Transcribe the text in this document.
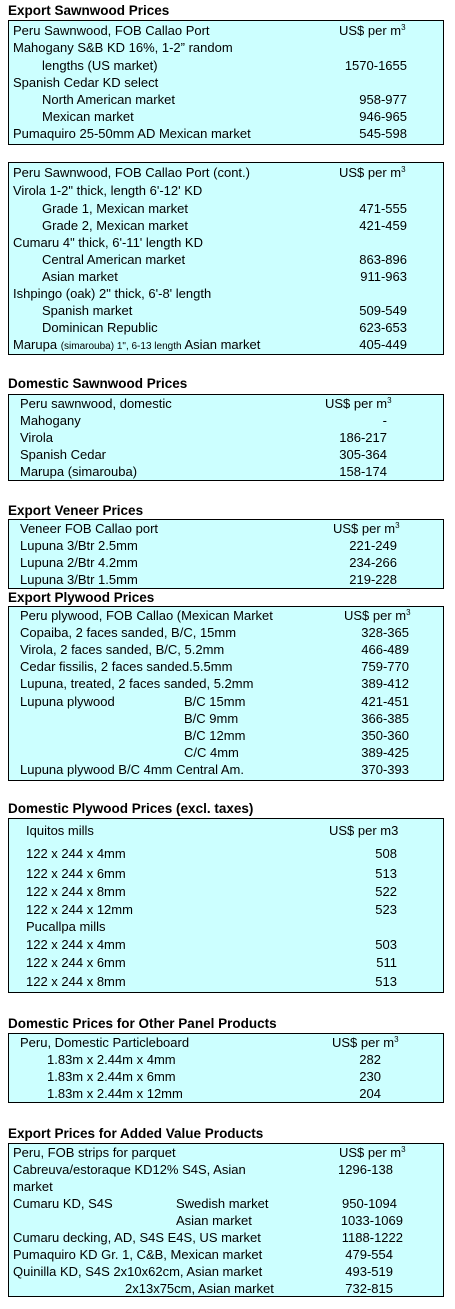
Export Sawnwood Prices
Peru Sawnwood, FOB Callao Port	US$ per $m^3$
Mahogany S&B KD 16%, 1-2” random
lengths (US market)	1570-1655
Spanish Cedar KD select
North American market	958-977
Mexican market	946-965
Pumaquiro 25-50mm AD Mexican market	545-598
Peru Sawnwood, FOB Callao Port (cont.)	US$ per $m^3$
Virola 1-2" thick, length 6'-12' KD
Grade 1, Mexican market	471-555
Grade 2, Mexican market	421-459
Cumaru 4" thick, 6'-11' length KD
Central American market	863-896
Asian market	911-963
Ishpingo (oak) 2" thick, 6'-8' length
Spanish market	509-549
Dominican Republic	623-653
Marupa (simarouba) 1", 6-13 length Asian market	405-449
Domestic Sawnwood Prices
Peru sawnwood, domestic	US$ per $m^3$
Mahogany	-
Virola	186-217
Spanish Cedar	305-364
Marupa (simarouba)	158-174
Export Veneer Prices
Veneer FOB Callao port	US$ per $m^3$
Lupuna 3/Btr 2.5mm	221-249
Lupuna 2/Btr 4.2mm	234-266
Lupuna 3/Btr 1.5mm	219-228
Export Plywood Prices
Peru plywood, FOB Callao (Mexican Market	US$ per $m^3$
Copaiba, 2 faces sanded, B/C, 15mm	328-365
Virola, 2 faces sanded, B/C, 5.2mm	466-489
Cedar fissilis, 2 faces sanded.5.5mm	759-770
Lupuna, treated, 2 faces sanded, 5.2mm	389-412
Lupuna plywood	B/C 15mm	421-451
B/C 9mm	366-385
B/C 12mm	350-360
C/C 4mm	389-425
Lupuna plywood B/C 4mm Central Am.	370-393
Domestic Plywood Prices (excl. taxes)
Iquitos mills	US$ per m3
122 x 244 x 4mm	508
122 x 244 x 6mm	513
122 x 244 x 8mm	522
122 x 244 x 12mm	523
Pucallpa mills
122 x 244 x 4mm	503
122 x 244 x 6mm	511
122 x 244 x 8mm	513
Domestic Prices for Other Panel Products
Peru, Domestic Particleboard	US$ per $m^3$
1.83m x 2.44m x 4mm	282
1.83m x 2.44m x 6mm	230
1.83m x 2.44m x 12mm	204
Export Prices for Added Value Products
Peru, FOB strips for parquet	US$ per $m^3$
Cabreuva/estoraque KD12% S4S, Asian	1296-138
market
Cumaru KD, S4S	Swedish market	950-1094
Asian market	1033-1069
Cumaru decking, AD, S4S E4S, US market	1188-1222
Pumaquiro KD Gr. 1, C&B, Mexican market	479-554
Quinilla KD, S4S 2x10x62cm, Asian market	493-519
2x13x75cm, Asian market	732-815
